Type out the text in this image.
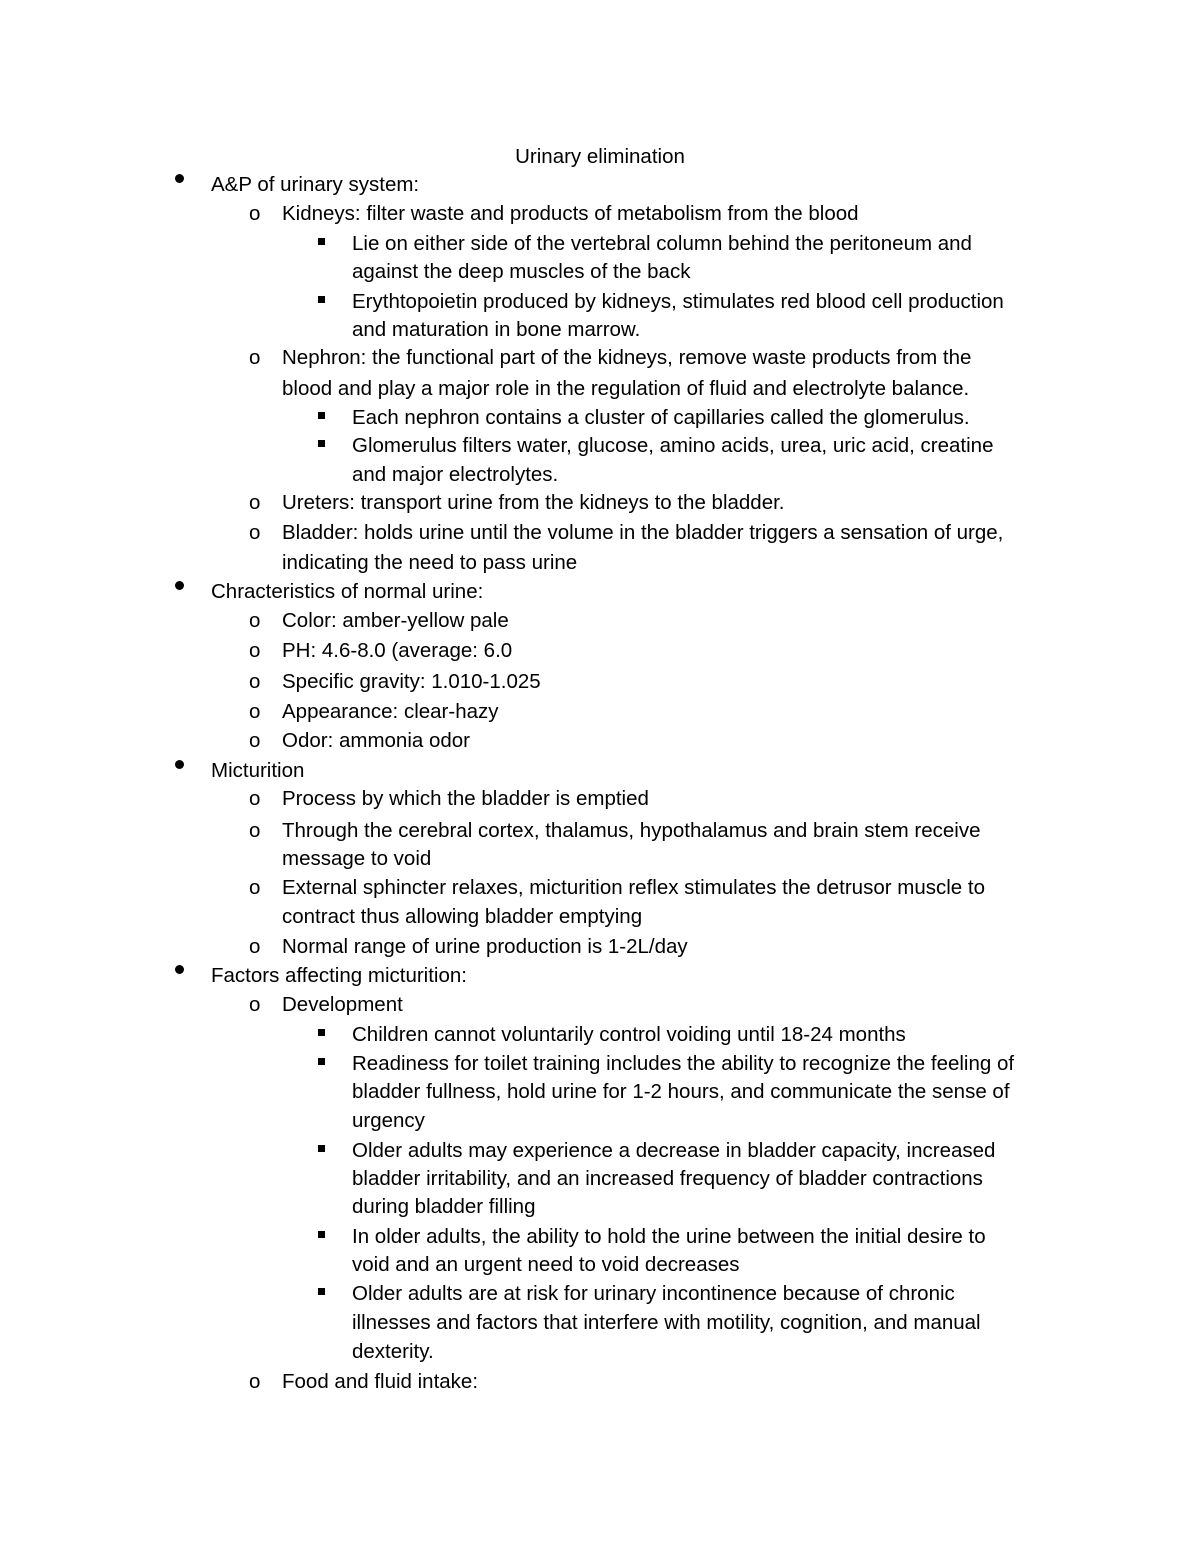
Urinary elimination
A&P of urinary system:
o Kidneys: filter waste and products of metabolism from the blood
Lie on either side of the vertebral column behind the peritoneum and
against the deep muscles of the back
Erythtopoietin produced by kidneys, stimulates red blood cell production
and maturation in bone marrow.
o Nephron: the functional part of the kidneys, remove waste products from the
blood and play a major role in the regulation of fluid and electrolyte balance.
Each nephron contains a cluster of capillaries called the glomerulus.
Glomerulus filters water, glucose, amino acids, urea, uric acid, creatine
and major electrolytes.
o Ureters: transport urine from the kidneys to the bladder.
o Bladder: holds urine until the volume in the bladder triggers a sensation of urge,
indicating the need to pass urine
Chracteristics of normal urine:
o Color: amber-yellow pale
o PH: 4.6-8.0 (average: 6.0
o Specific gravity: 1.010-1.025
o Appearance: clear-hazy
o Odor: ammonia odor
Micturition
o Process by which the bladder is emptied
o Through the cerebral cortex, thalamus, hypothalamus and brain stem receive
message to void
o External sphincter relaxes, micturition reflex stimulates the detrusor muscle to
contract thus allowing bladder emptying
o Normal range of urine production is 1-2L/day
Factors affecting micturition:
o Development
Children cannot voluntarily control voiding until 18-24 months
Readiness for toilet training includes the ability to recognize the feeling of
bladder fullness, hold urine for 1-2 hours, and communicate the sense of
urgency
Older adults may experience a decrease in bladder capacity, increased
bladder irritability, and an increased frequency of bladder contractions
during bladder filling
In older adults, the ability to hold the urine between the initial desire to
void and an urgent need to void decreases
Older adults are at risk for urinary incontinence because of chronic
illnesses and factors that interfere with motility, cognition, and manual
dexterity.
o Food and fluid intake:
